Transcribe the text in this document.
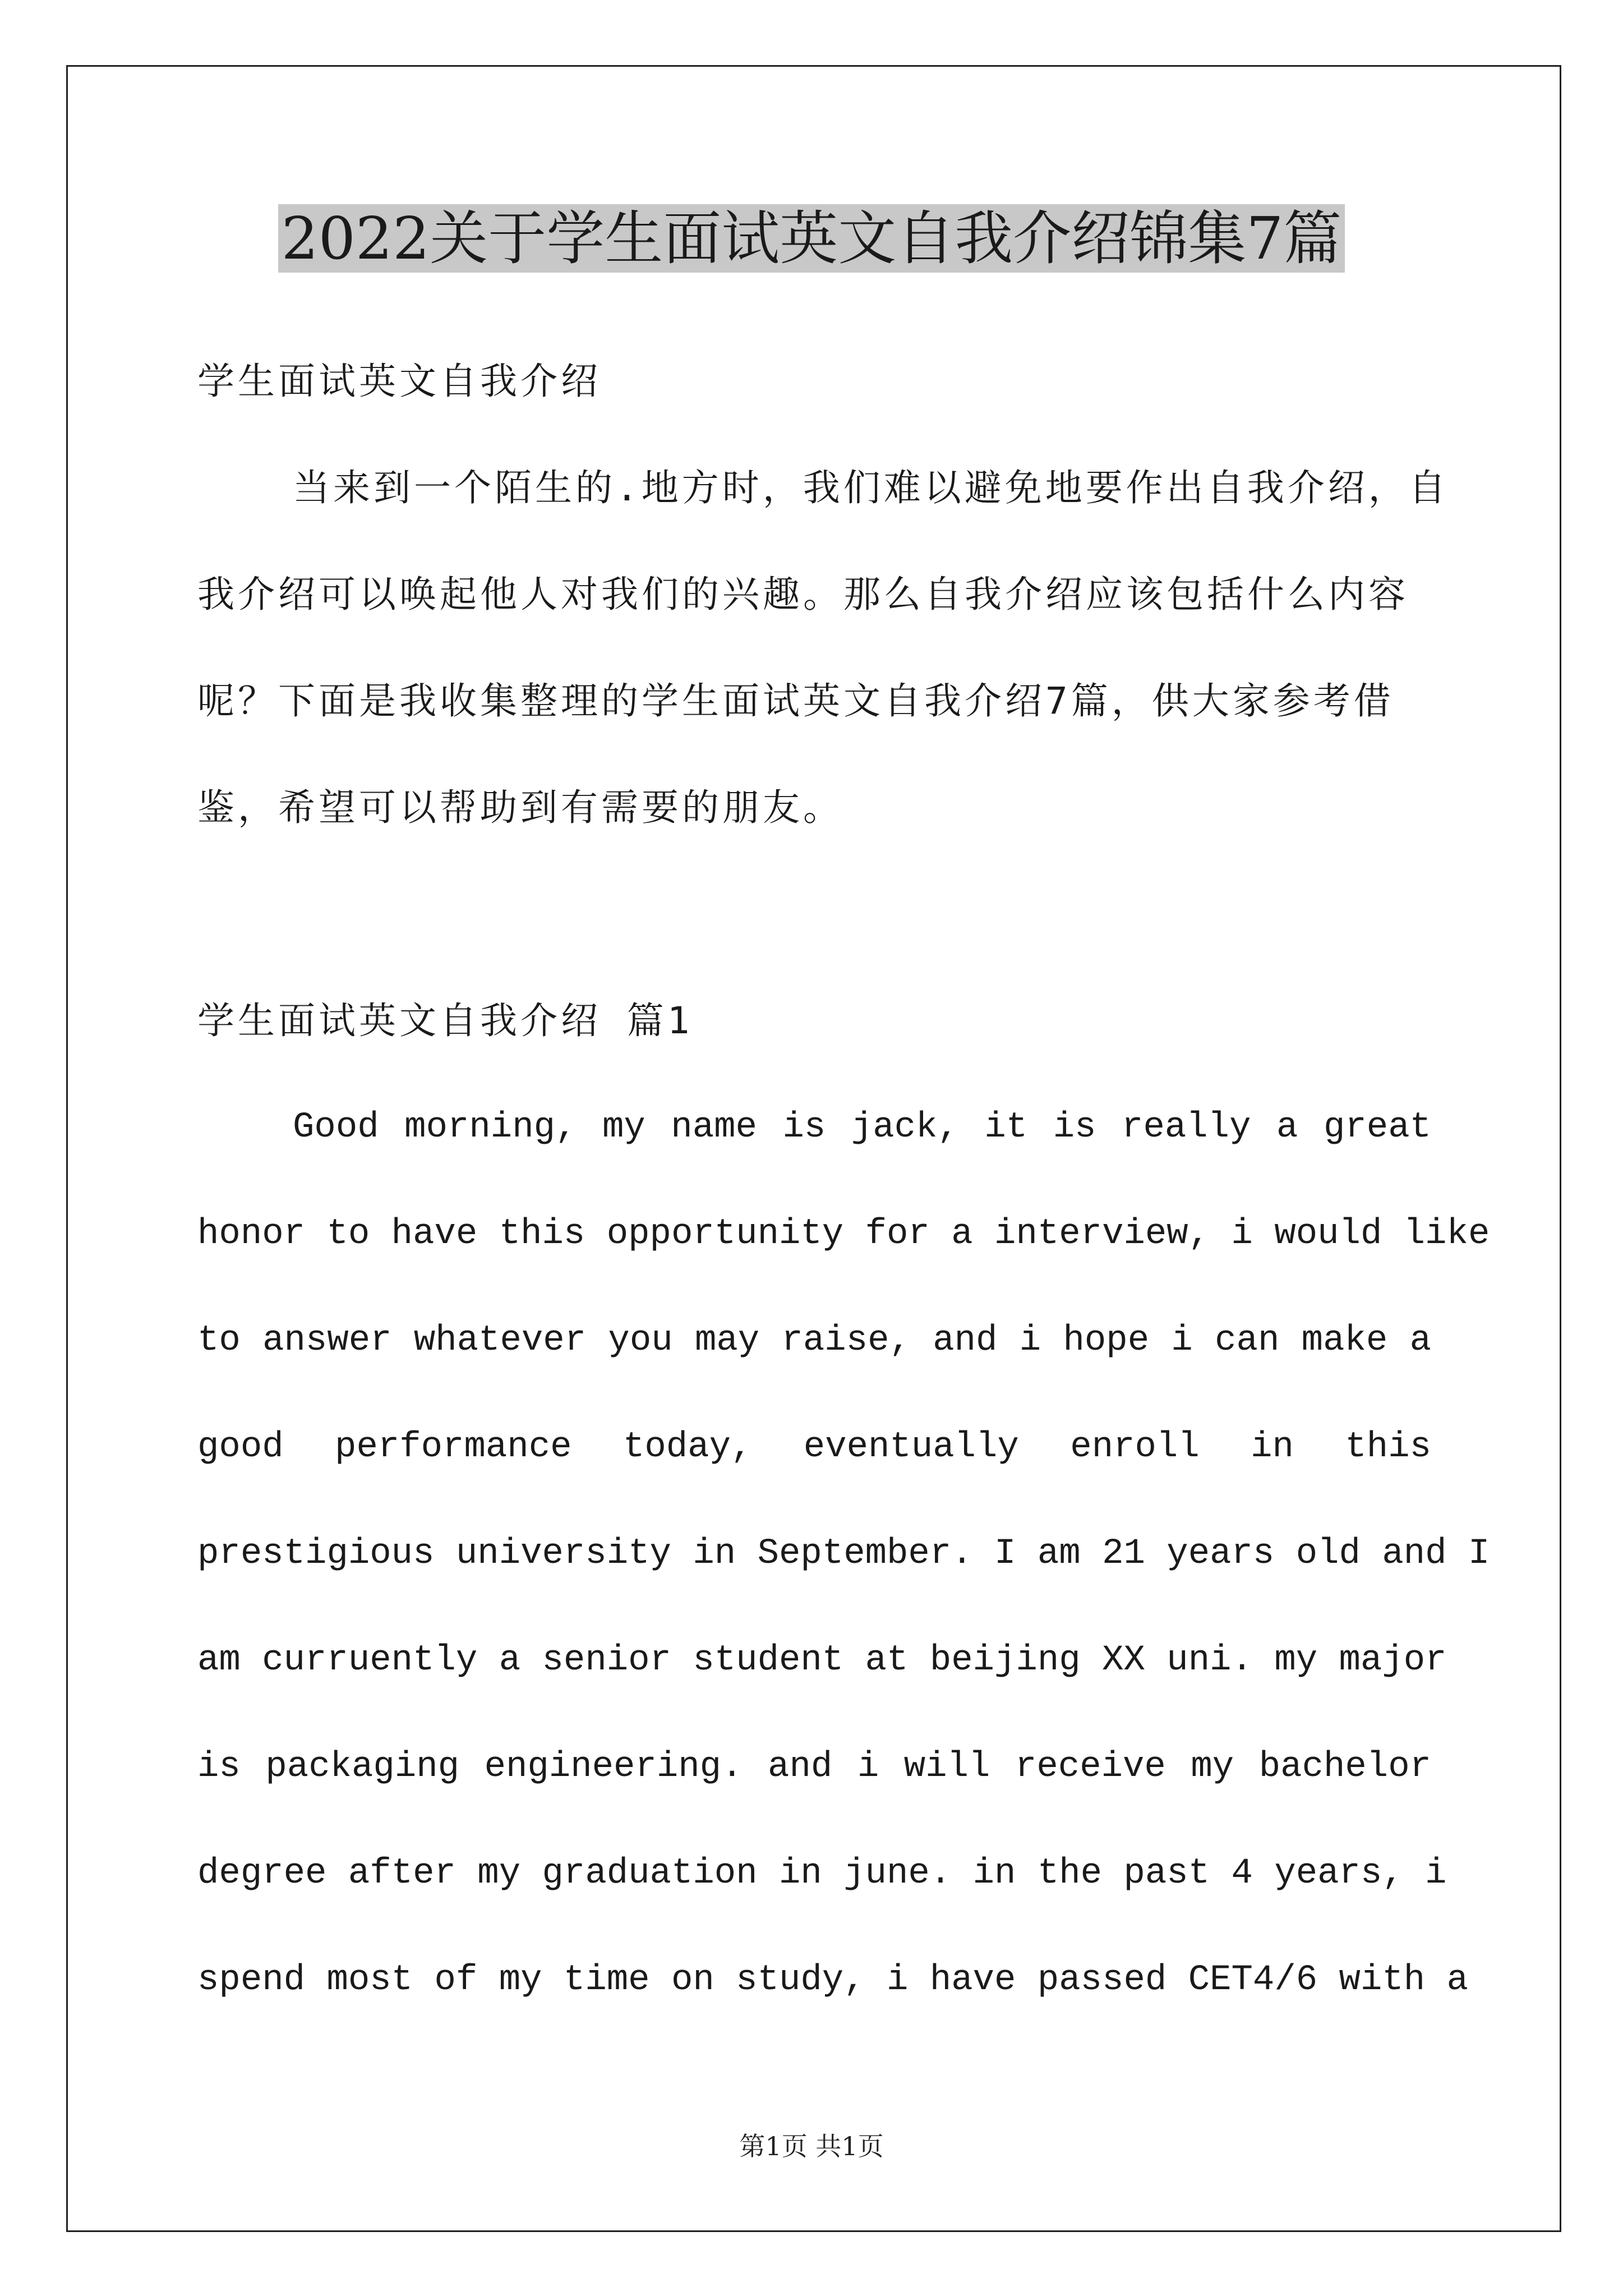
2022关于学生面试英文自我介绍锦集7篇
学生面试英文自我介绍
当来到一个陌生的.地方时，我们难以避免地要作出自我介绍，自
我介绍可以唤起他人对我们的兴趣。那么自我介绍应该包括什么内容
呢？下面是我收集整理的学生面试英文自我介绍7篇，供大家参考借
鉴，希望可以帮助到有需要的朋友。
学生面试英文自我介绍 篇1
Good morning, my name is jack, it is really a great
honor to have this opportunity for a interview, i would like
to answer whatever you may raise, and i hope i can make a
good performance today, eventually enroll in this
prestigious university in September. I am 21 years old and I
am curruently a senior student at beijing XX uni. my major
is packaging engineering. and i will receive my bachelor
degree after my graduation in june. in the past 4 years, i
spend most of my time on study, i have passed CET4/6 with a
第1页 共1页
